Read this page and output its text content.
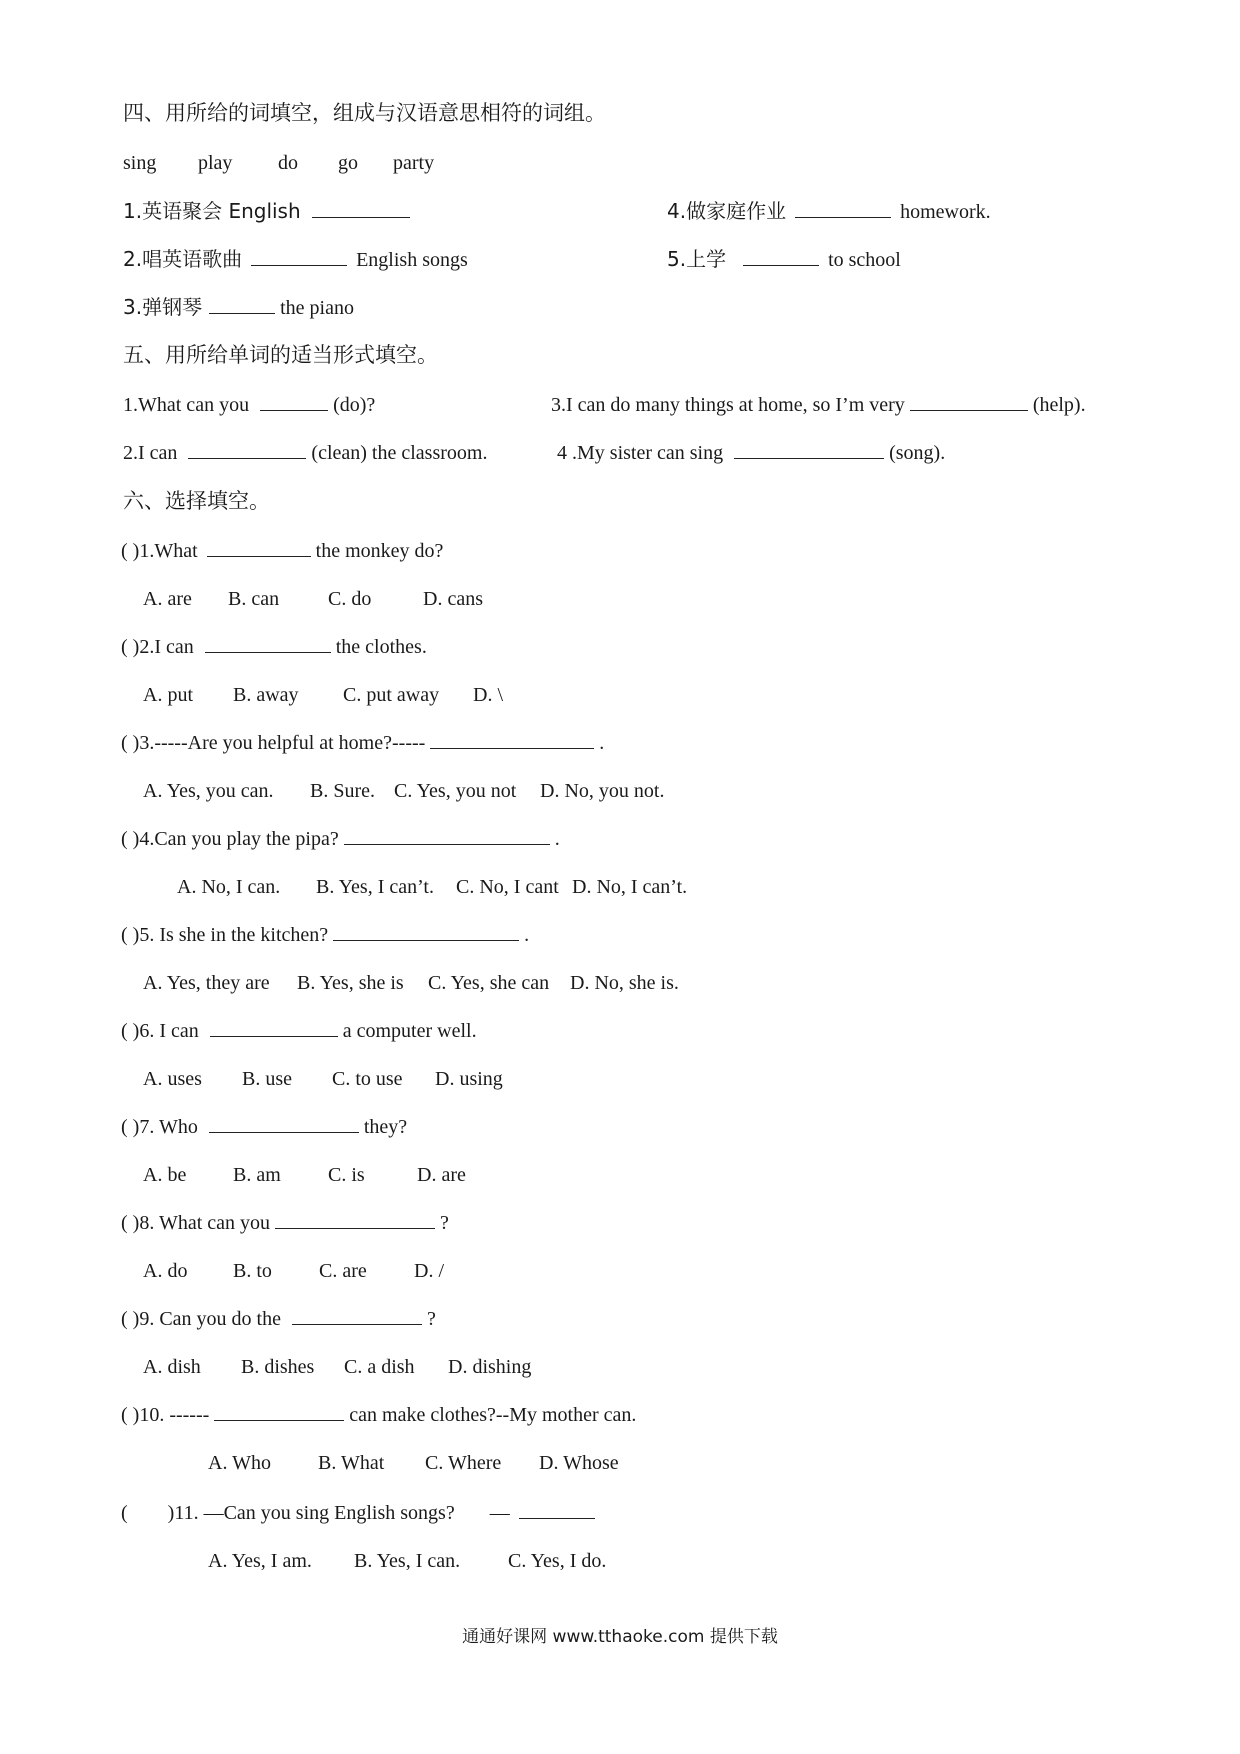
四、用所给的词填空，组成与汉语意思相符的词组。
sing play do go party
1.英语聚会 English	4.做家庭作业	homework.
2.唱英语歌曲	English songs	5.上学	to school
3.弹钢琴	the piano
五、用所给单词的适当形式填空。
1.What can you	(do)?	3.I can do many things at home, so I’m very	(help).
2.I can	(clean) the classroom.	4 .My sister can sing	(song).
六、选择填空。
( )1.What	the monkey do?
A. are B. can C. do	D. cans
( )2.I can	the clothes.
A. put B. away C. put away D. \
( )3.-----Are you helpful at home?-----	.
A. Yes, you can. B. Sure. C. Yes, you not D. No, you not.
( )4.Can you play the pipa?	.
A. No, I can. B. Yes, I can’t. C. No, I cant D. No, I can’t.
( )5. Is she in the kitchen?	.
A. Yes, they are B. Yes, she is C. Yes, she can D. No, she is.
( )6. I can	a computer well.
A. uses B. use C. to use D. using
( )7. Who	they?
A. be B. am C. is	D. are
( )8. What can you	?
A. do B. to C. are D. /
( )9. Can you do the	?
A. dish B. dishes C. a dish D. dishing
( )10. ------	can make clothes?--My mother can.
A. Who B. What C. Where D. Whose
(        )11. —Can you sing English songs?       —
A. Yes, I am. B. Yes, I can. C. Yes, I do.
通通好课网 www.tthaoke.com 提供下载
